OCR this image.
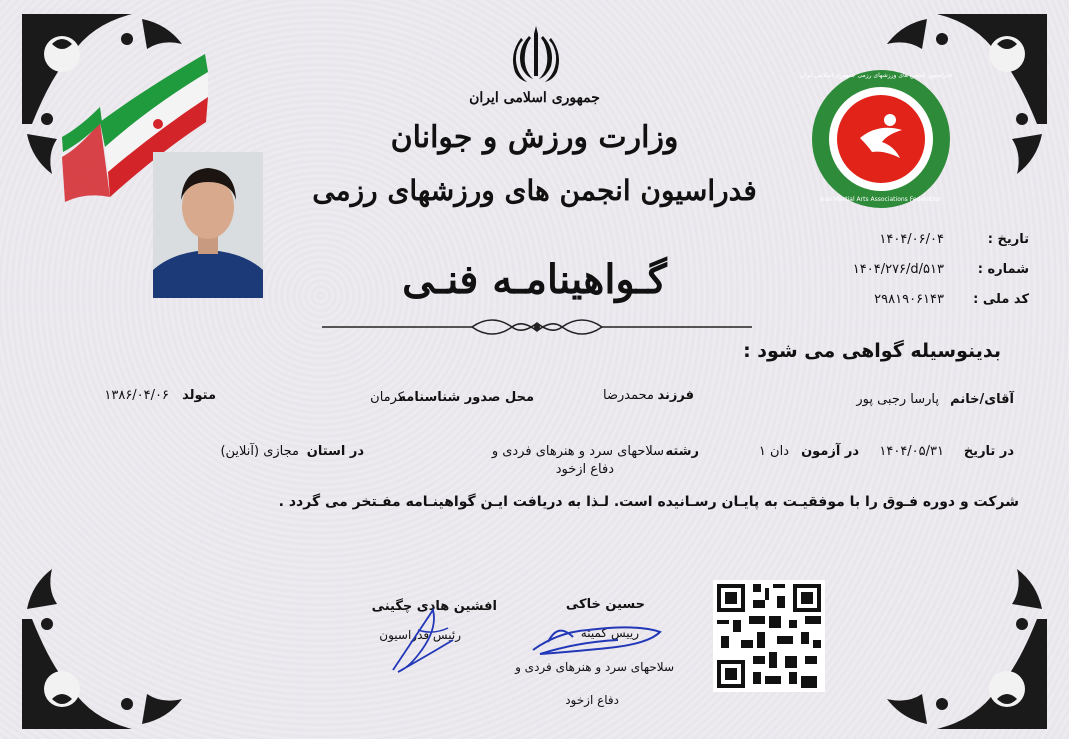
جمهوری اسلامی ایران
وزارت ورزش و جوانان
فدراسیون انجمن های ورزشهای رزمی
فدراسیون انجمن های ورزشهای رزمی جمهوری اسلامی ایران
Iran Martial Arts Associations Federation
تاریخ :
۱۴۰۴/۰۶/۰۴
شماره :
۱۴۰۴/۲۷۶/d/۵۱۳
کد ملی :
۲۹۸۱۹۰۶۱۴۳
گـواهینامـه فنـی
بدینوسیله گواهی می شود :
آقای/خانم
پارسا رجبی پور
فرزند
محمدرضا
محل صدور شناسنامه
کرمان
متولد
۱۳۸۶/۰۴/۰۶
در تاریخ
۱۴۰۴/۰۵/۳۱
در آزمون
دان ۱
رشته
سلاحهای سرد و هنرهای فردی و
دفاع ازخود
در استان
مجازی (آنلاین)
شرکت و دوره فـوق را با موفقیـت به پایـان رسـانیده است. لـذا به دریافت ایـن گواهینـامه مفـتخر می گردد .
حسین خاکی
رییس کمیته
سلاحهای سرد و هنرهای فردی و
دفاع ازخود
افشین هادی چگینی
رئیس فدراسیون
